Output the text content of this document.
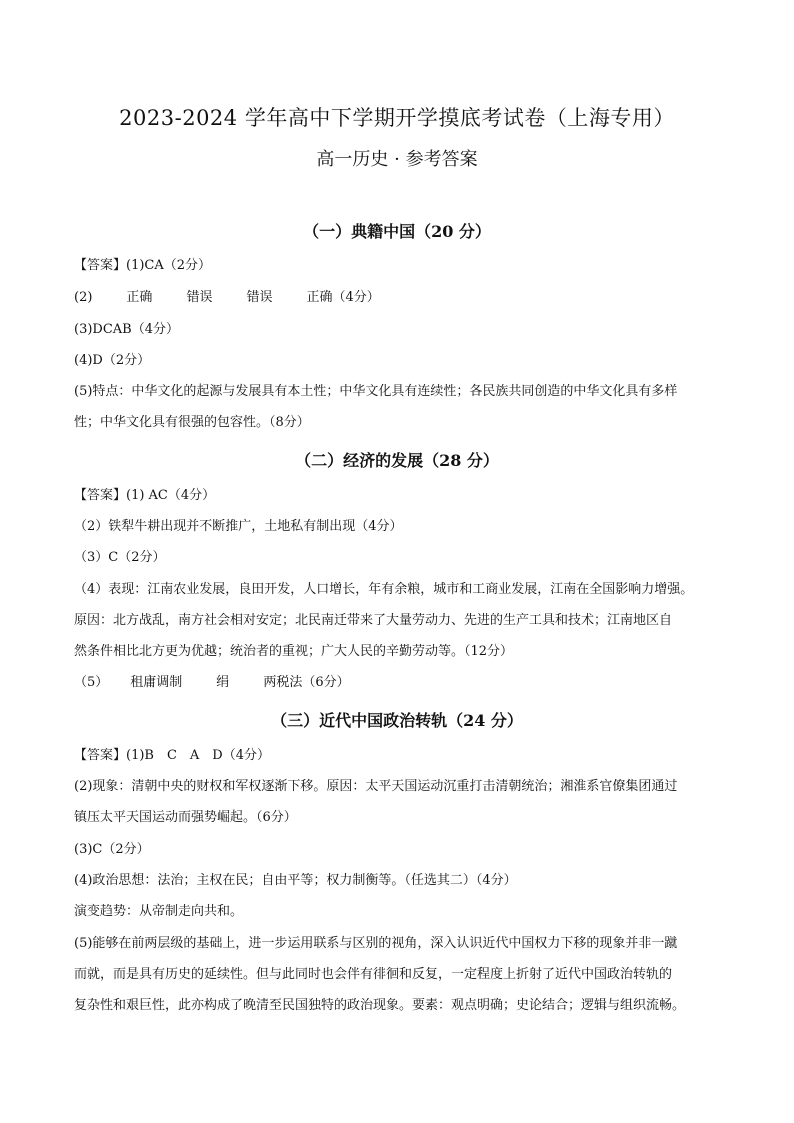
2023-2024 学年高中下学期开学摸底考试卷（上海专用）
高一历史 · 参考答案
（一）典籍中国（20 分）
【答案】(1)CA（2分）
(2)	正确	错误	错误	正确（4分）
(3)DCAB（4分）
(4)D（2分）
(5)特点：中华文化的起源与发展具有本土性；中华文化具有连续性；各民族共同创造的中华文化具有多样
性；中华文化具有很强的包容性。（8分）
（二）经济的发展（28 分）
【答案】(1) AC（4分）
（2）铁犁牛耕出现并不断推广，土地私有制出现（4分）
（3）C（2分）
（4）表现：江南农业发展，良田开发，人口增长，年有余粮，城市和工商业发展，江南在全国影响力增强。
原因：北方战乱，南方社会相对安定；北民南迁带来了大量劳动力、先进的生产工具和技术；江南地区自
然条件相比北方更为优越；统治者的重视；广大人民的辛勤劳动等。（12分）
（5） 租庸调制	绢	两税法（6分）
（三）近代中国政治转轨（24 分）
【答案】(1)B　C　A　D（4分）
(2)现象：清朝中央的财权和军权逐渐下移。原因：太平天国运动沉重打击清朝统治；湘淮系官僚集团通过
镇压太平天国运动而强势崛起。（6分）
(3)C（2分）
(4)政治思想：法治；主权在民；自由平等；权力制衡等。（任选其二）（4分）
演变趋势：从帝制走向共和。
(5)能够在前两层级的基础上，进一步运用联系与区别的视角，深入认识近代中国权力下移的现象并非一蹴
而就，而是具有历史的延续性。但与此同时也会伴有徘徊和反复，一定程度上折射了近代中国政治转轨的
复杂性和艰巨性，此亦构成了晚清至民国独特的政治现象。要素：观点明确；史论结合；逻辑与组织流畅。
